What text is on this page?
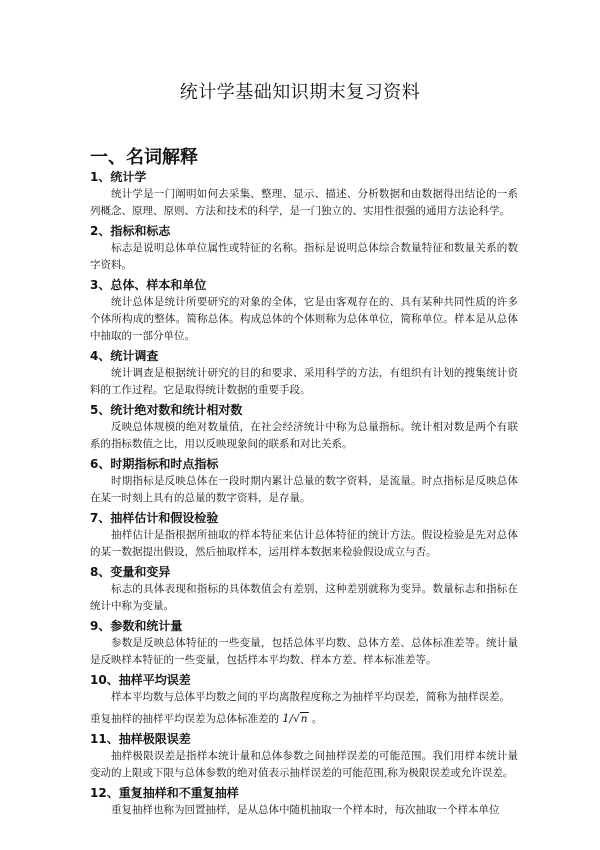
统计学基础知识期末复习资料
一、名词解释
1、统计学
统计学是一门阐明如何去采集、整理、显示、描述、分析数据和由数据得出结论的一系列概念、原理、原则、方法和技术的科学，是一门独立的、实用性很强的通用方法论科学。
2、指标和标志
标志是说明总体单位属性或特征的名称。指标是说明总体综合数量特征和数量关系的数字资料。
3、总体、样本和单位
统计总体是统计所要研究的对象的全体，它是由客观存在的、具有某种共同性质的许多个体所构成的整体。简称总体。构成总体的个体则称为总体单位，简称单位。样本是从总体中抽取的一部分单位。
4、统计调查
统计调查是根据统计研究的目的和要求、采用科学的方法，有组织有计划的搜集统计资料的工作过程。它是取得统计数据的重要手段。
5、统计绝对数和统计相对数
反映总体规模的绝对数量值，在社会经济统计中称为总量指标。统计相对数是两个有联系的指标数值之比，用以反映现象间的联系和对比关系。
6、时期指标和时点指标
时期指标是反映总体在一段时期内累计总量的数字资料，是流量。时点指标是反映总体在某一时刻上具有的总量的数字资料，是存量。
7、抽样估计和假设检验
抽样估计是指根据所抽取的样本特征来估计总体特征的统计方法。假设检验是先对总体的某一数据提出假设，然后抽取样本，运用样本数据来检验假设成立与否。
8、变量和变异
标志的具体表现和指标的具体数值会有差别，这种差别就称为变异。数量标志和指标在统计中称为变量。
9、参数和统计量
参数是反映总体特征的一些变量，包括总体平均数、总体方差、总体标准差等。统计量是反映样本特征的一些变量，包括样本平均数、样本方差、样本标准差等。
10、抽样平均误差
样本平均数与总体平均数之间的平均离散程度称之为抽样平均误差，简称为抽样误差。
重复抽样的抽样平均误差为总体标准差的 1/√n 。
11、抽样极限误差
抽样极限误差是指样本统计量和总体参数之间抽样误差的可能范围。我们用样本统计量变动的上限或下限与总体参数的绝对值表示抽样误差的可能范围,称为极限误差或允许误差。
12、重复抽样和不重复抽样
重复抽样也称为回置抽样，是从总体中随机抽取一个样本时，每次抽取一个样本单位
